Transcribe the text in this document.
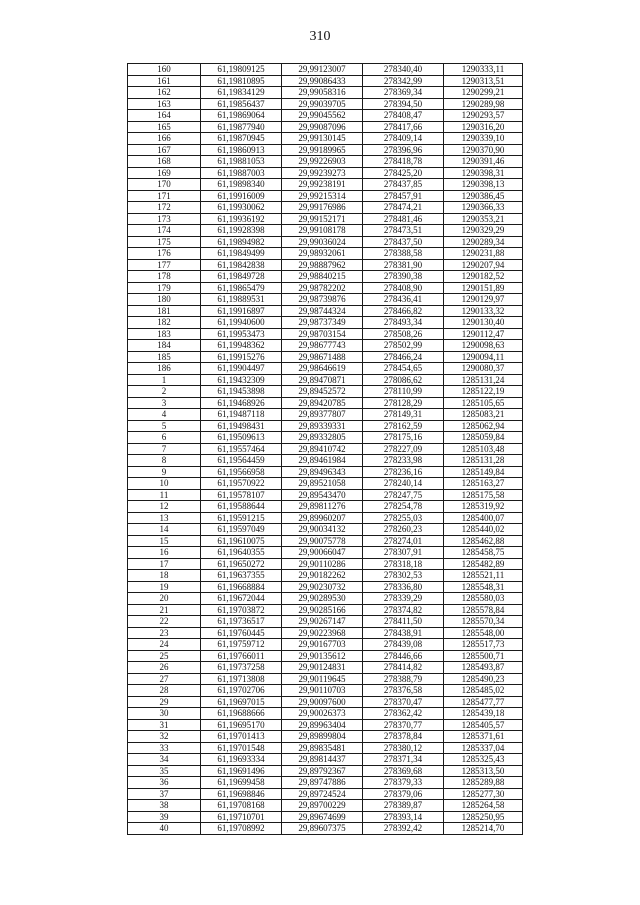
310
160	61,19809125	29,99123007	278340,40	1290333,11
161	61,19810895	29,99086433	278342,99	1290313,51
162	61,19834129	29,99058316	278369,34	1290299,21
163	61,19856437	29,99039705	278394,50	1290289,98
164	61,19869064	29,99045562	278408,47	1290293,57
165	61,19877940	29,99087096	278417,66	1290316,20
166	61,19870945	29,99130145	278409,14	1290339,10
167	61,19860913	29,99189965	278396,96	1290370,90
168	61,19881053	29,99226903	278418,78	1290391,46
169	61,19887003	29,99239273	278425,20	1290398,31
170	61,19898340	29,99238191	278437,85	1290398,13
171	61,19916009	29,99215314	278457,91	1290386,45
172	61,19930062	29,99176986	278474,21	1290366,33
173	61,19936192	29,99152171	278481,46	1290353,21
174	61,19928398	29,99108178	278473,51	1290329,29
175	61,19894982	29,99036024	278437,50	1290289,34
176	61,19849499	29,98932061	278388,58	1290231,88
177	61,19842838	29,98887962	278381,90	1290207,94
178	61,19849728	29,98840215	278390,38	1290182,52
179	61,19865479	29,98782202	278408,90	1290151,89
180	61,19889531	29,98739876	278436,41	1290129,97
181	61,19916897	29,98744324	278466,82	1290133,32
182	61,19940600	29,98737349	278493,34	1290130,40
183	61,19953473	29,98703154	278508,26	1290112,47
184	61,19948362	29,98677743	278502,99	1290098,63
185	61,19915276	29,98671488	278466,24	1290094,11
186	61,19904497	29,98646619	278454,65	1290080,37
1	61,19432309	29,89470871	278086,62	1285131,24
2	61,19453898	29,89452572	278110,99	1285122,19
3	61,19468926	29,89420785	278128,29	1285105,65
4	61,19487118	29,89377807	278149,31	1285083,21
5	61,19498431	29,89339331	278162,59	1285062,94
6	61,19509613	29,89332805	278175,16	1285059,84
7	61,19557464	29,89410742	278227,09	1285103,48
8	61,19564459	29,89461984	278233,98	1285131,28
9	61,19566958	29,89496343	278236,16	1285149,84
10	61,19570922	29,89521058	278240,14	1285163,27
11	61,19578107	29,89543470	278247,75	1285175,58
12	61,19588644	29,89811276	278254,78	1285319,92
13	61,19591215	29,89960207	278255,03	1285400,07
14	61,19597049	29,90034132	278260,23	1285440,02
15	61,19610075	29,90075778	278274,01	1285462,88
16	61,19640355	29,90066047	278307,91	1285458,75
17	61,19650272	29,90110286	278318,18	1285482,89
18	61,19637355	29,90182262	278302,53	1285521,11
19	61,19668884	29,90230732	278336,80	1285548,31
20	61,19672044	29,90289530	278339,29	1285580,03
21	61,19703872	29,90285166	278374,82	1285578,84
22	61,19736517	29,90267147	278411,50	1285570,34
23	61,19760445	29,90223968	278438,91	1285548,00
24	61,19759712	29,90167703	278439,08	1285517,73
25	61,19766011	29,90135612	278446,66	1285500,71
26	61,19737258	29,90124831	278414,82	1285493,87
27	61,19713808	29,90119645	278388,79	1285490,23
28	61,19702706	29,90110703	278376,58	1285485,02
29	61,19697015	29,90097600	278370,47	1285477,77
30	61,19688666	29,90026373	278362,42	1285439,18
31	61,19695170	29,89963404	278370,77	1285405,57
32	61,19701413	29,89899804	278378,84	1285371,61
33	61,19701548	29,89835481	278380,12	1285337,04
34	61,19693334	29,89814437	278371,34	1285325,43
35	61,19691496	29,89792367	278369,68	1285313,50
36	61,19699458	29,89747886	278379,33	1285289,88
37	61,19698846	29,89724524	278379,06	1285277,30
38	61,19708168	29,89700229	278389,87	1285264,58
39	61,19710701	29,89674699	278393,14	1285250,95
40	61,19708992	29,89607375	278392,42	1285214,70
